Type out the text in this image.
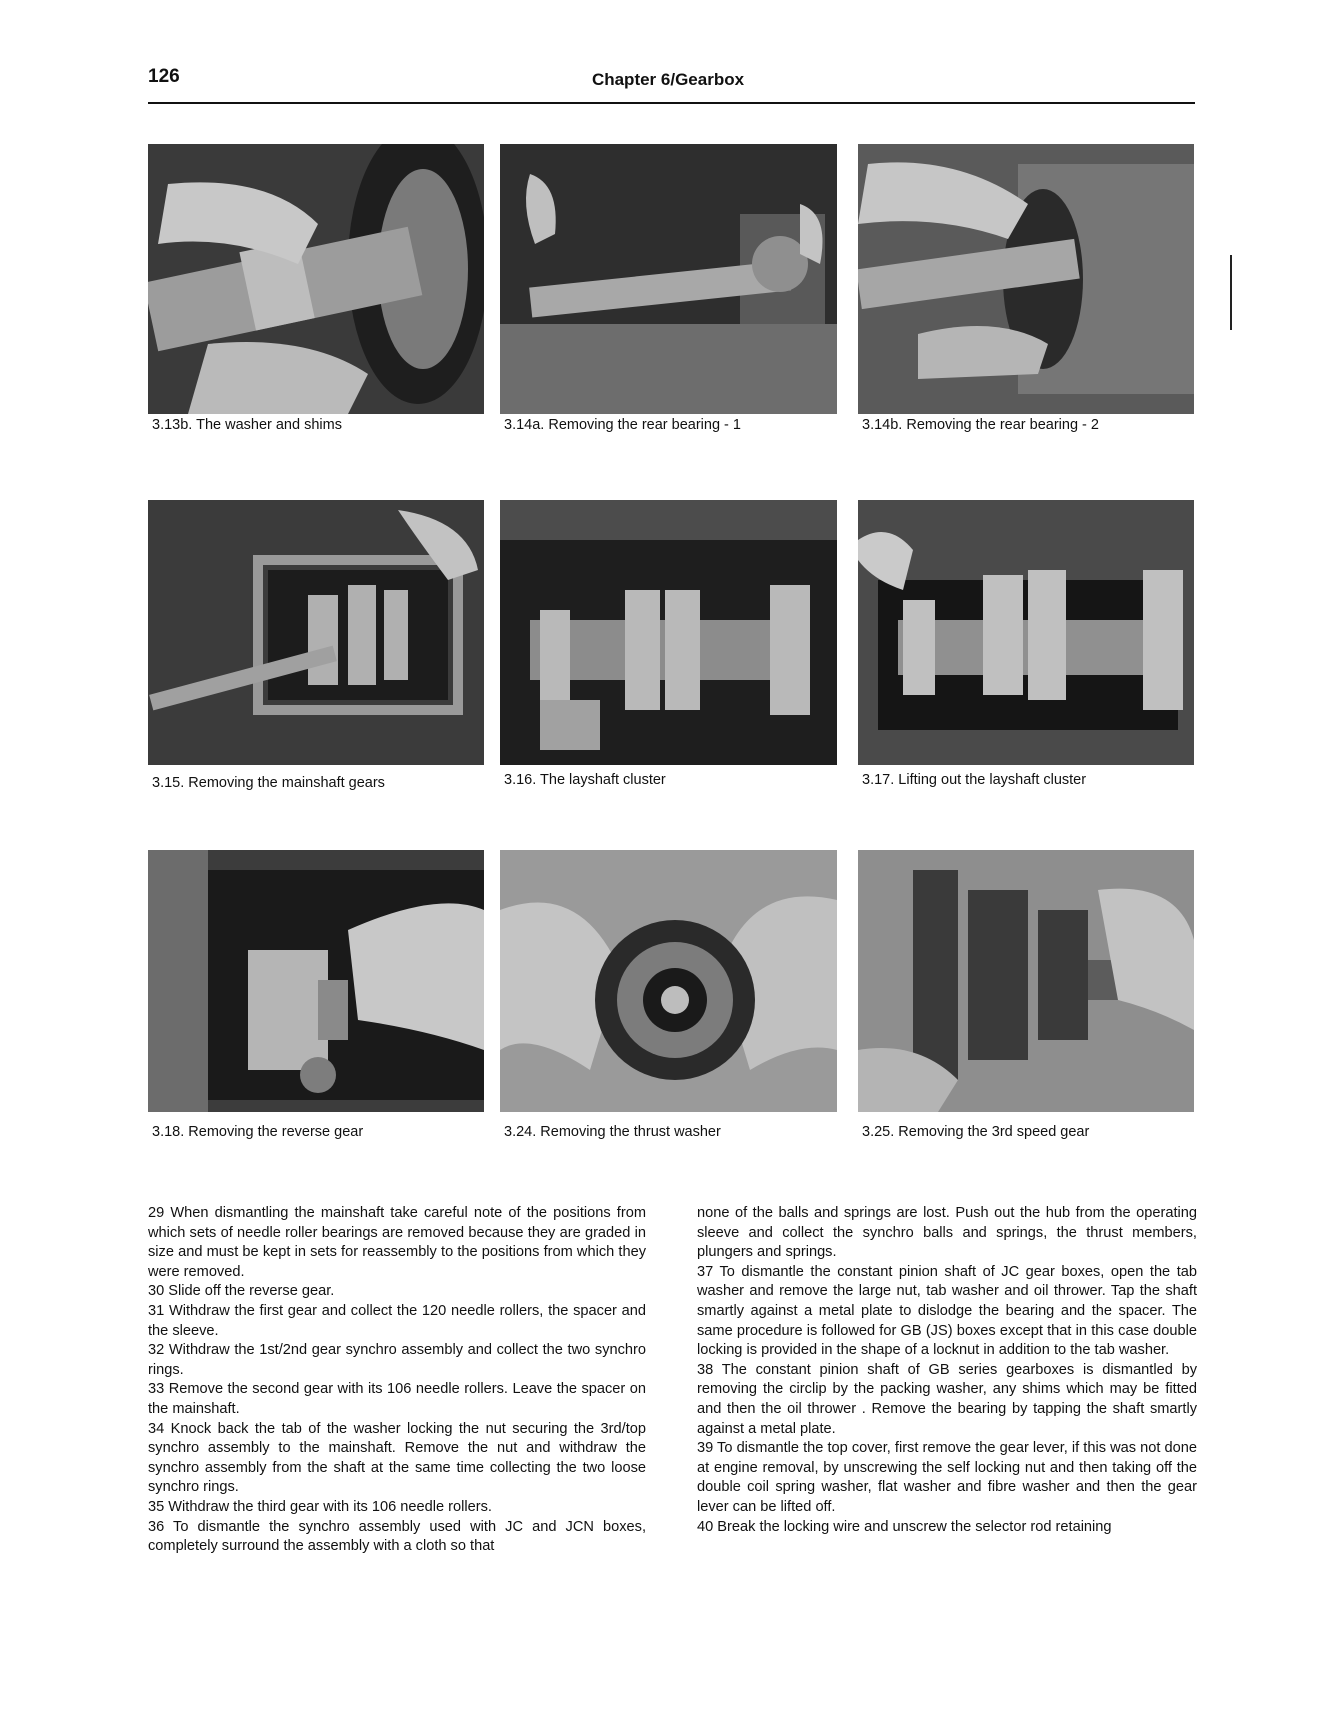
126	Chapter 6/Gearbox
3.13b. The washer and shims	3.14a. Removing the rear bearing - 1	3.14b. Removing the rear bearing - 2
3.15. Removing the mainshaft gears	3.16. The layshaft cluster	3.17. Lifting out the layshaft cluster
3.18. Removing the reverse gear	3.24. Removing the thrust washer	3.25. Removing the 3rd speed gear

29 When dismantling the mainshaft take careful note of the positions from which sets of needle roller bearings are removed because they are graded in size and must be kept in sets for reassembly to the positions from which they were removed.

30 Slide off the reverse gear.

31 Withdraw the first gear and collect the 120 needle rollers, the spacer and the sleeve.

32 Withdraw the 1st/2nd gear synchro assembly and collect the two synchro rings.

33 Remove the second gear with its 106 needle rollers. Leave the spacer on the mainshaft.

34 Knock back the tab of the washer locking the nut securing the 3rd/top synchro assembly to the mainshaft. Remove the nut and withdraw the synchro assembly from the shaft at the same time collecting the two loose synchro rings.

35 Withdraw the third gear with its 106 needle rollers.

36 To dismantle the synchro assembly used with JC and JCN boxes, completely surround the assembly with a cloth so that

none of the balls and springs are lost. Push out the hub from the operating sleeve and collect the synchro balls and springs, the thrust members, plungers and springs.

37 To dismantle the constant pinion shaft of JC gear boxes, open the tab washer and remove the large nut, tab washer and oil thrower. Tap the shaft smartly against a metal plate to dislodge the bearing and the spacer. The same procedure is followed for GB (JS) boxes except that in this case double locking is provided in the shape of a locknut in addition to the tab washer.

38 The constant pinion shaft of GB series gearboxes is dismantled by removing the circlip by the packing washer, any shims which may be fitted and then the oil thrower . Remove the bearing by tapping the shaft smartly against a metal plate.

39 To dismantle the top cover, first remove the gear lever, if this was not done at engine removal, by unscrewing the self locking nut and then taking off the double coil spring washer, flat washer and fibre washer and then the gear lever can be lifted off.

40 Break the locking wire and unscrew the selector rod retaining
